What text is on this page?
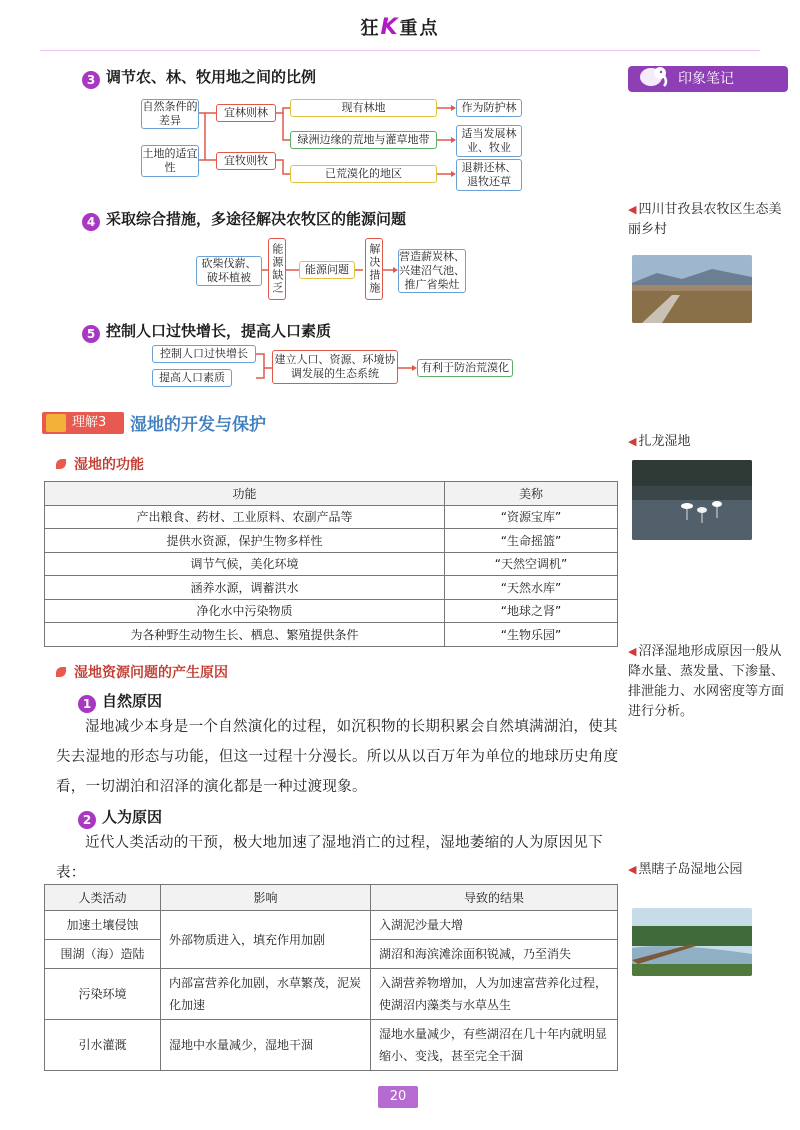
狂K重点
印象笔记
3 调节农、林、牧用地之间的比例
自然条件的差异
土地的适宜性
宜林则林
宜牧则牧
现有林地
绿洲边缘的荒地与灌草地带
已荒漠化的地区
作为防护林
适当发展林业、牧业
退耕还林、退牧还草
4 采取综合措施，多途径解决农牧区的能源问题
砍柴伐薪、破坏植被	能源缺乏 能源问题 解决措施 营造薪炭林、兴建沼气池、推广省柴灶
5 控制人口过快增长，提高人口素质
控制人口过快增长
提高人口素质
建立人口、资源、环境协调发展的生态系统	有利于防治荒漠化
理解3	湿地的开发与保护
湿地的功能
功能	美称
产出粮食、药材、工业原料、农副产品等	“资源宝库”
提供水资源，保护生物多样性	“生命摇篮”
调节气候，美化环境	“天然空调机”
涵养水源，调蓄洪水	“天然水库”
净化水中污染物质	“地球之肾”
为各种野生动物生长、栖息、繁殖提供条件	“生物乐园”
湿地资源问题的产生原因
1 自然原因
湿地减少本身是一个自然演化的过程，如沉积物的长期积累会自然填满湖泊，使其失去湿地的形态与功能，但这一过程十分漫长。所以从以百万年为单位的地球历史角度看，一切湖泊和沼泽的演化都是一种过渡现象。
2 人为原因
近代人类活动的干预，极大地加速了湿地消亡的过程，湿地萎缩的人为原因见下表：
人类活动	影响	导致的结果
加速土壤侵蚀	外部物质进入，填充作用加剧	入湖泥沙量大增
围湖（海）造陆		湖沼和海滨滩涂面积锐减，乃至消失
污染环境	内部富营养化加剧，水草繁茂，泥炭化加速	入湖营养物增加，人为加速富营养化过程，使湖沼内藻类与水草丛生
引水灌溉	湿地中水量减少，湿地干涸	湿地水量减少，有些湖沼在几十年内就明显缩小、变浅，甚至完全干涸
◀ 四川甘孜县农牧区生态美丽乡村
◀ 扎龙湿地
◀ 沼泽湿地形成原因一般从降水量、蒸发量、下渗量、排泄能力、水网密度等方面进行分析。
◀ 黑瞎子岛湿地公园
20
